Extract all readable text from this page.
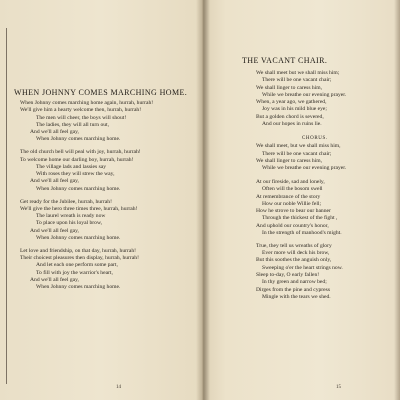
WHEN JOHNNY COMES MARCHING HOME.
When Johnny comes marching home again, hurrah, hurrah!
We'll give him a hearty welcome then, hurrah, hurrah!
The men will cheer, the boys will shout!
The ladies, they will all turn out,
And we'll all feel gay,
When Johnny comes marching home.
The old church bell will peal with joy, hurrah, hurrah!
To welcome home our darling boy, hurrah, hurrah!
The village lads and lassies say
With roses they will strew the way,
And we'll all feel gay,
When Johnny comes marching home.
Get ready for the Jubilee, hurrah, hurrah!
We'll give the hero three times three, hurrah, hurrah!
The laurel wreath is ready now
To place upon his loyal brow,
And we'll all feel gay,
When Johnny comes marching home.
Let love and friendship, on that day, hurrah, hurrah!
Their choicest pleasures then display, hurrah, hurrah!
And let each one perform some part,
To fill with joy the warrior's heart,
And we'll all feel gay,
When Johnny comes marching home.
14
THE VACANT CHAIR.
We shall meet but we shall miss him;
There will be one vacant chair;
We shall linger to caress him,
While we breathe our evening prayer.
When, a year ago, we gathered,
Joy was in his mild blue eye;
But a golden chord is severed,
And our hopes in ruins lie.
CHORUS.
We shall meet, but we shall miss him,
There will be one vacant chair;
We shall linger to caress him,
While we breathe our evening prayer.
At our fireside, sad and lonely,
Often will the bosom swell
At remembrance of the story
How our noble Willie fell;
How he strove to bear our banner
Through the thickest of the fight ,
And uphold our country's honor,
In the strength of manhood's might.
True, they tell us wreaths of glory
Ever more will deck his brow,
But this soothes the anguish only,
Sweeping o'er the heart strings now.
Sleep to-day, O early fallen!
In thy green and narrow bed;
Dirges from the pine and cypress
Mingle with the tears we shed.
15
